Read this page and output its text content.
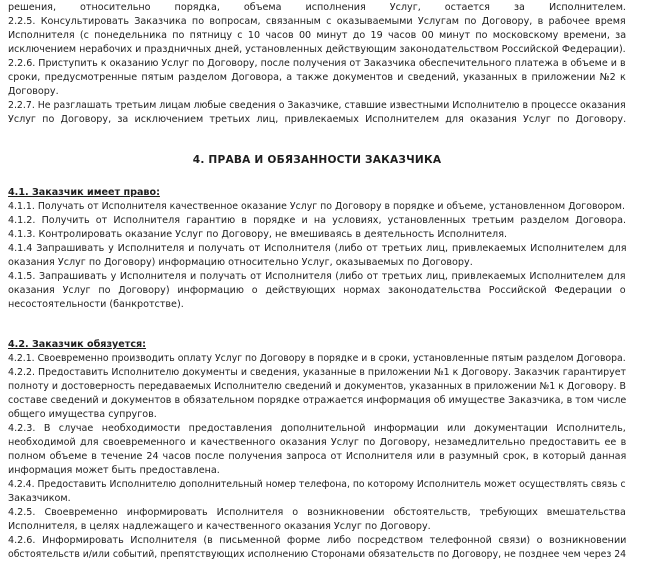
решения,	относительно	порядка,	объема	исполнения	Услуг,	остается	за	Исполнителем.
2.2.5. Консультировать Заказчика по вопросам, связанным с оказываемыми Услугам по Договору, в рабочее время
Исполнителя (с понедельника по пятницу с 10 часов 00 минут до 19 часов 00 минут по московскому времени, за
исключением нерабочих и праздничных дней, установленных действующим законодательством Российской Федерации).
2.2.6. Приступить к оказанию Услуг по Договору, после получения от Заказчика обеспечительного платежа в объеме и в
сроки, предусмотренные пятым разделом Договора, а также документов и сведений, указанных в приложении №2 к
Договору.
2.2.7. Не разглашать третьим лицам любые сведения о Заказчике, ставшие известными Исполнителю в процессе оказания
Услуг по Договору, за исключением третьих лиц, привлекаемых Исполнителем для оказания Услуг по Договору.
4. ПРАВА И ОБЯЗАННОСТИ ЗАКАЗЧИКА
4.1. Заказчик имеет право:
4.1.1. Получать от Исполнителя качественное оказание Услуг по Договору в порядке и объеме, установленном Договором.
4.1.2. Получить от Исполнителя гарантию в порядке и на условиях, установленных третьим разделом Договора.
4.1.3. Контролировать оказание Услуг по Договору, не вмешиваясь в деятельность Исполнителя.
4.1.4 Запрашивать у Исполнителя и получать от Исполнителя (либо от третьих лиц, привлекаемых Исполнителем для
оказания Услуг по Договору) информацию относительно Услуг, оказываемых по Договору.
4.1.5. Запрашивать у Исполнителя и получать от Исполнителя (либо от третьих лиц, привлекаемых Исполнителем для
оказания Услуг по Договору) информацию о действующих нормах законодательства Российской Федерации о
несостоятельности (банкротстве).
4.2. Заказчик обязуется:
4.2.1. Своевременно производить оплату Услуг по Договору в порядке и в сроки, установленные пятым разделом Договора.
4.2.2. Предоставить Исполнителю документы и сведения, указанные в приложении №1 к Договору. Заказчик гарантирует
полноту и достоверность передаваемых Исполнителю сведений и документов, указанных в приложении №1 к Договору. В
составе сведений и документов в обязательном порядке отражается информация об имуществе Заказчика, в том числе
общего имущества супругов.
4.2.3. В случае необходимости предоставления дополнительной информации или документации Исполнитель,
необходимой для своевременного и качественного оказания Услуг по Договору, незамедлительно предоставить ее в
полном объеме в течение 24 часов после получения запроса от Исполнителя или в разумный срок, в который данная
информация может быть предоставлена.
4.2.4. Предоставить Исполнителю дополнительный номер телефона, по которому Исполнитель может осуществлять связь с
Заказчиком.
4.2.5. Своевременно информировать Исполнителя о возникновении обстоятельств, требующих вмешательства
Исполнителя, в целях надлежащего и качественного оказания Услуг по Договору.
4.2.6. Информировать Исполнителя (в письменной форме либо посредством телефонной связи) о возникновении
обстоятельств и/или событий, препятствующих исполнению Сторонами обязательств по Договору, не позднее чем через 24
